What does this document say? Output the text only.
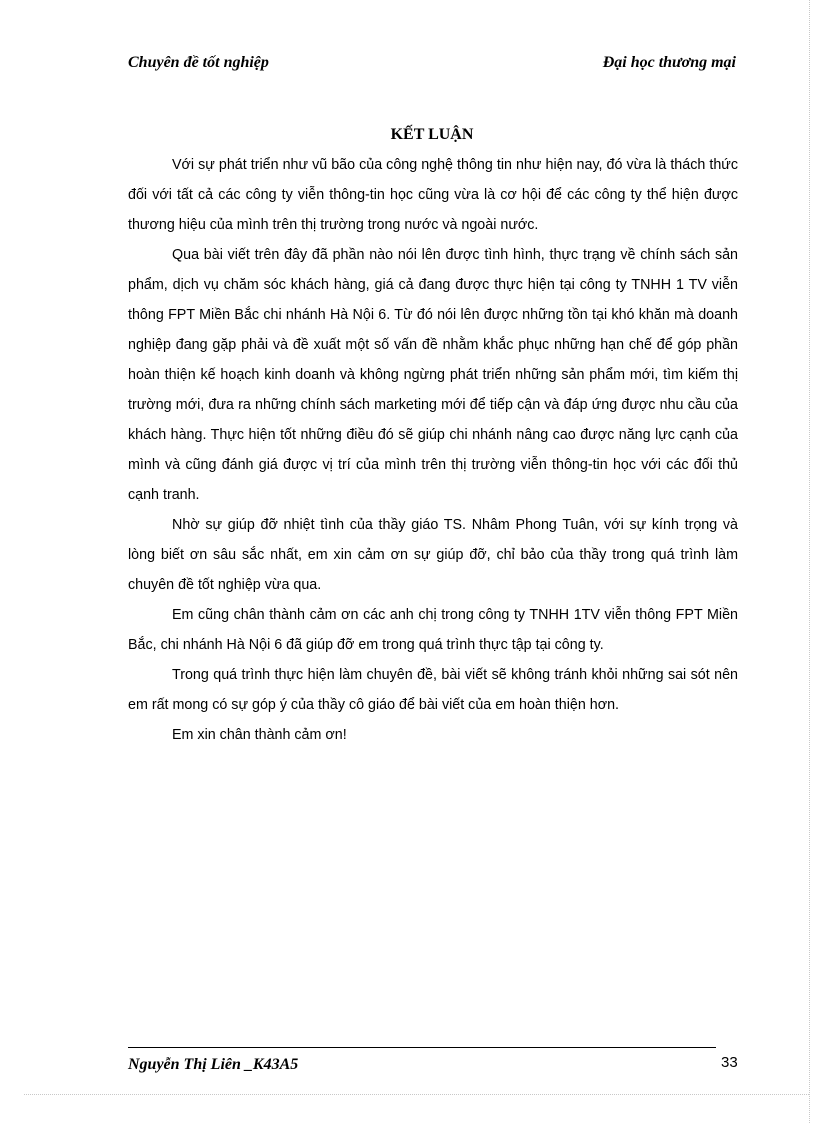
Chuyên đề tốt nghiệp	Đại học thương mại
KẾT LUẬN

Với sự phát triển như vũ bão của công nghệ thông tin như hiện nay, đó vừa là thách thức đối với tất cả các công ty viễn thông-tin học cũng vừa là cơ hội để các công ty thể hiện được thương hiệu của mình trên thị trường trong nước và ngoài nước.

Qua bài viết trên đây đã phần nào nói lên được tình hình, thực trạng về chính sách sản phẩm, dịch vụ chăm sóc khách hàng, giá cả đang được thực hiện tại công ty TNHH 1 TV viễn thông FPT Miền Bắc chi nhánh Hà Nội 6. Từ đó nói lên được những tồn tại khó khăn mà doanh nghiệp đang gặp phải và đề xuất một số vấn đề nhằm khắc phục những hạn chế để góp phần hoàn thiện kế hoạch kinh doanh và không ngừng phát triển những sản phẩm mới, tìm kiếm thị trường mới, đưa ra những chính sách marketing mới để tiếp cận và đáp ứng được nhu cầu của khách hàng. Thực hiện tốt những điều đó sẽ giúp chi nhánh nâng cao được năng lực cạnh của mình và cũng đánh giá được vị trí của mình trên thị trường viễn thông-tin học với các đối thủ cạnh tranh.

Nhờ sự giúp đỡ nhiệt tình của thầy giáo TS. Nhâm Phong Tuân, với sự kính trọng và lòng biết ơn sâu sắc nhất, em xin cảm ơn sự giúp đỡ, chỉ bảo của thầy trong quá trình làm chuyên đề tốt nghiệp vừa qua.

Em cũng chân thành cảm ơn các anh chị trong công ty TNHH 1TV viễn thông FPT Miền Bắc, chi nhánh Hà Nội 6 đã giúp đỡ em trong quá trình thực tập tại công ty.

Trong quá trình thực hiện làm chuyên đề, bài viết sẽ không tránh khỏi những sai sót nên em rất mong có sự góp ý của thầy cô giáo để bài viết của em hoàn thiện hơn.

Em xin chân thành cảm ơn!

Nguyễn Thị Liên _K43A5	33
